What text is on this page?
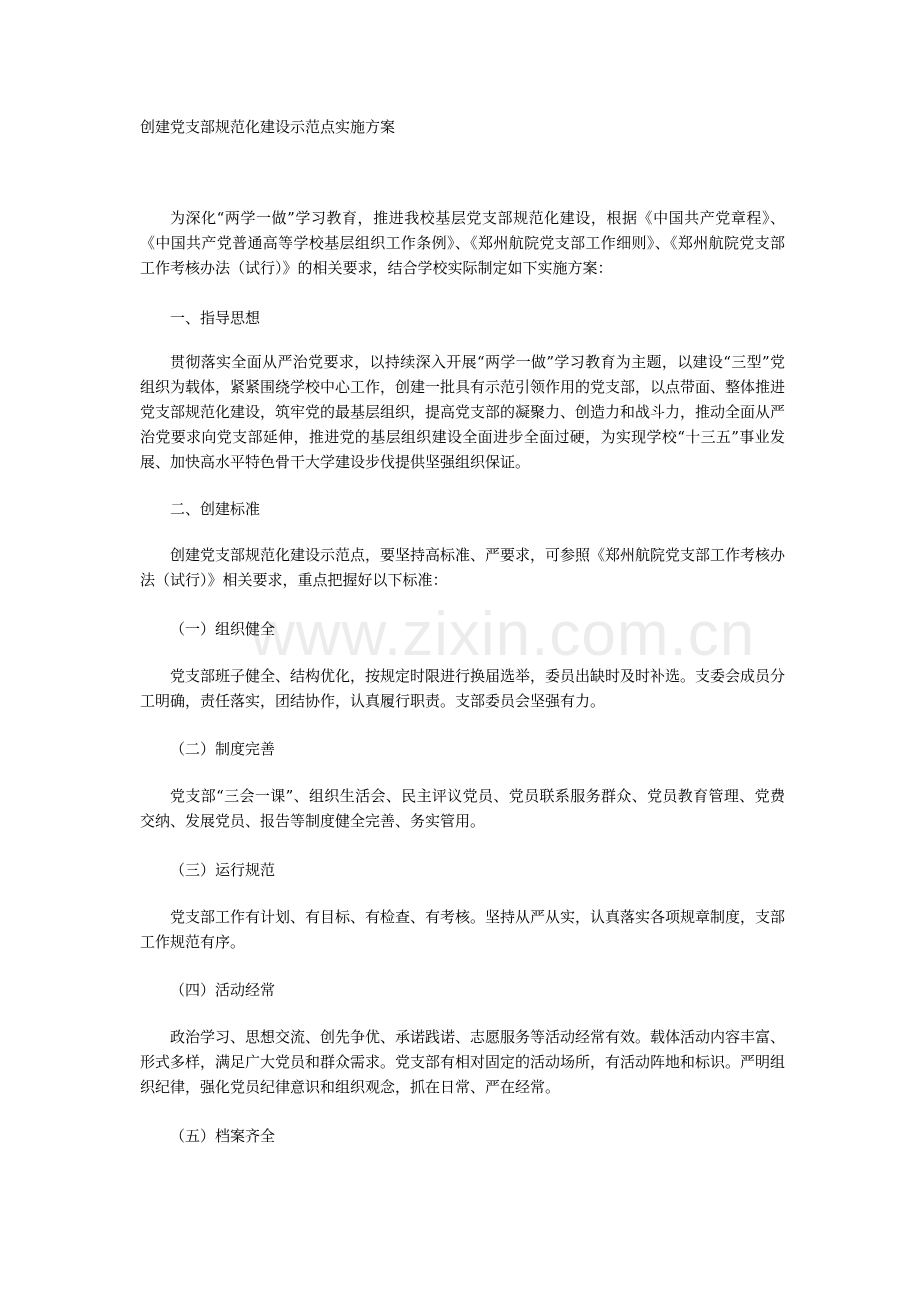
创建党支部规范化建设示范点实施方案

为深化“两学一做”学习教育，推进我校基层党支部规范化建设，根据《中国共产党章程》、《中国共产党普通高等学校基层组织工作条例》、《郑州航院党支部工作细则》、《郑州航院党支部工作考核办法（试行）》的相关要求，结合学校实际制定如下实施方案：

一、指导思想

贯彻落实全面从严治党要求，以持续深入开展“两学一做”学习教育为主题，以建设“三型”党组织为载体，紧紧围绕学校中心工作，创建一批具有示范引领作用的党支部，以点带面、整体推进党支部规范化建设，筑牢党的最基层组织，提高党支部的凝聚力、创造力和战斗力，推动全面从严治党要求向党支部延伸，推进党的基层组织建设全面进步全面过硬，为实现学校“十三五”事业发展、加快高水平特色骨干大学建设步伐提供坚强组织保证。

二、创建标准

创建党支部规范化建设示范点，要坚持高标准、严要求，可参照《郑州航院党支部工作考核办法（试行）》相关要求，重点把握好以下标准：

（一）组织健全

党支部班子健全、结构优化，按规定时限进行换届选举，委员出缺时及时补选。支委会成员分工明确，责任落实，团结协作，认真履行职责。支部委员会坚强有力。

（二）制度完善

党支部“三会一课”、组织生活会、民主评议党员、党员联系服务群众、党员教育管理、党费交纳、发展党员、报告等制度健全完善、务实管用。

（三）运行规范

党支部工作有计划、有目标、有检查、有考核。坚持从严从实，认真落实各项规章制度，支部工作规范有序。

（四）活动经常

政治学习、思想交流、创先争优、承诺践诺、志愿服务等活动经常有效。载体活动内容丰富、形式多样，满足广大党员和群众需求。党支部有相对固定的活动场所，有活动阵地和标识。严明组织纪律，强化党员纪律意识和组织观念，抓在日常、严在经常。

（五）档案齐全

www.zixin.com.cn
